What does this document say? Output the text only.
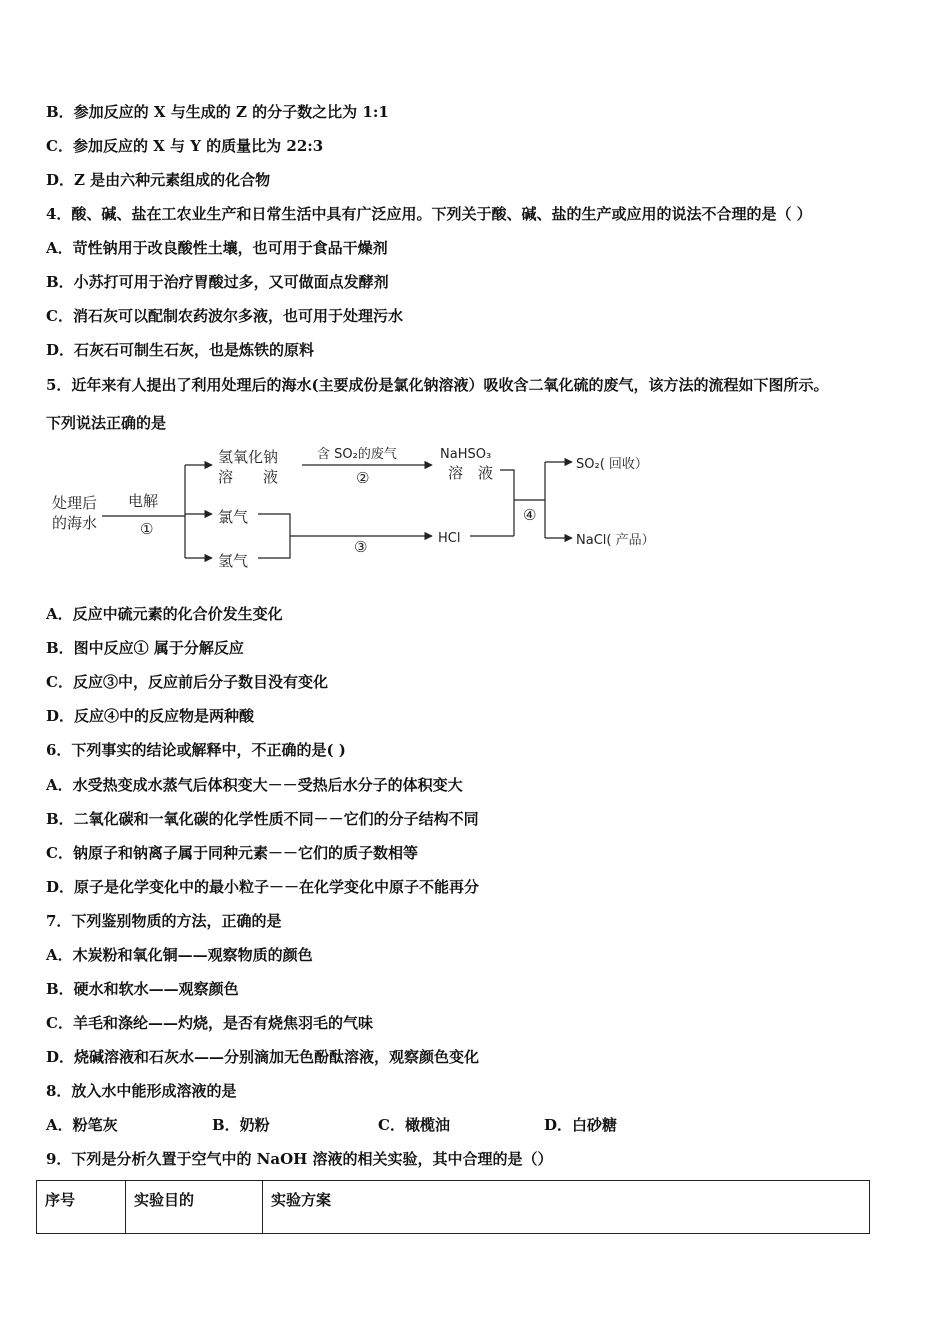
B．参加反应的 X 与生成的 Z 的分子数之比为 1:1
C．参加反应的 X 与 Y 的质量比为 22:3
D．Z 是由六种元素组成的化合物
4．酸、碱、盐在工农业生产和日常生活中具有广泛应用。下列关于酸、碱、盐的生产或应用的说法不合理的是（ ）
A．苛性钠用于改良酸性土壤，也可用于食品干燥剂
B．小苏打可用于治疗胃酸过多，又可做面点发酵剂
C．消石灰可以配制农药波尔多液，也可用于处理污水
D．石灰石可制生石灰，也是炼铁的原料
5．近年来有人提出了利用处理后的海水(主要成份是氯化钠溶液）吸收含二氧化硫的废气，该方法的流程如下图所示。
下列说法正确的是
处理后
的海水
电解
①
氢氧化钠
溶　　液
含 SO₂的废气
②
NaHSO₃
溶　液
氯气
氢气
③	HCl
④
SO₂( 回收）
NaCl( 产品）
A．反应中硫元素的化合价发生变化
B．图中反应① 属于分解反应
C．反应③中，反应前后分子数目没有变化
D．反应④中的反应物是两种酸
6．下列事实的结论或解释中，不正确的是( )
A．水受热变成水蒸气后体积变大－－受热后水分子的体积变大
B．二氧化碳和一氧化碳的化学性质不同－－它们的分子结构不同
C．钠原子和钠离子属于同种元素－－它们的质子数相等
D．原子是化学变化中的最小粒子－－在化学变化中原子不能再分
7．下列鉴别物质的方法，正确的是
A．木炭粉和氧化铜——观察物质的颜色
B．硬水和软水——观察颜色
C．羊毛和涤纶——灼烧，是否有烧焦羽毛的气味
D．烧碱溶液和石灰水——分别滴加无色酚酞溶液，观察颜色变化
8．放入水中能形成溶液的是
A．粉笔灰	B．奶粉	C．橄榄油	D．白砂糖
9．下列是分析久置于空气中的 NaOH 溶液的相关实验，其中合理的是（）
序号	实验目的	实验方案
